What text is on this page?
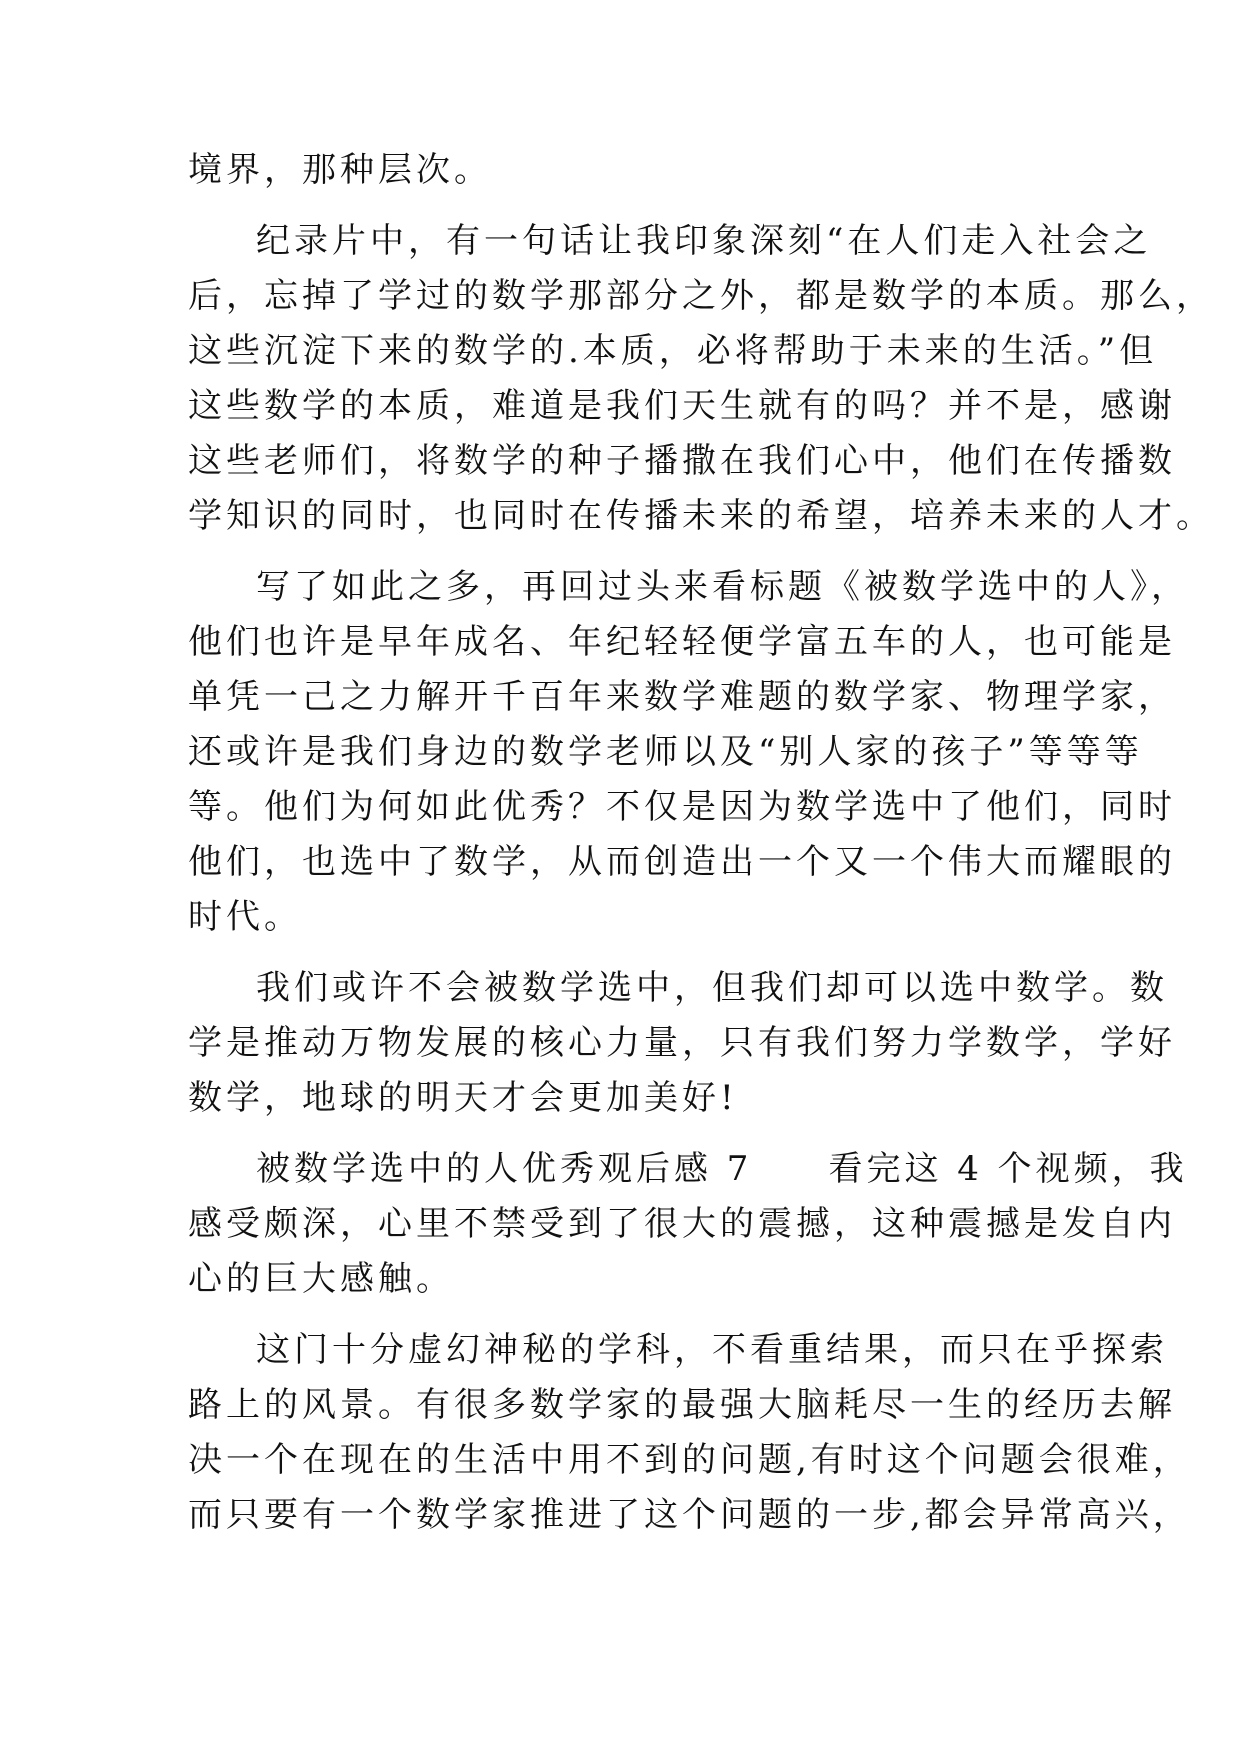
境界，那种层次。
纪录片中，有一句话让我印象深刻“在人们走入社会之
后，忘掉了学过的数学那部分之外，都是数学的本质。那么，
这些沉淀下来的数学的.本质，必将帮助于未来的生活。”但
这些数学的本质，难道是我们天生就有的吗？并不是，感谢
这些老师们，将数学的种子播撒在我们心中，他们在传播数
学知识的同时，也同时在传播未来的希望，培养未来的人才。
写了如此之多，再回过头来看标题《被数学选中的人》，
他们也许是早年成名、年纪轻轻便学富五车的人，也可能是
单凭一己之力解开千百年来数学难题的数学家、物理学家，
还或许是我们身边的数学老师以及“别人家的孩子”等等等
等。他们为何如此优秀？不仅是因为数学选中了他们，同时
他们，也选中了数学，从而创造出一个又一个伟大而耀眼的
时代。
我们或许不会被数学选中，但我们却可以选中数学。数
学是推动万物发展的核心力量，只有我们努力学数学，学好
数学，地球的明天才会更加美好!
被数学选中的人优秀观后感 7　　看完这 4 个视频，我
感受颇深，心里不禁受到了很大的震撼，这种震撼是发自内
心的巨大感触。
这门十分虚幻神秘的学科，不看重结果，而只在乎探索
路上的风景。有很多数学家的最强大脑耗尽一生的经历去解
决一个在现在的生活中用不到的问题,有时这个问题会很难，
而只要有一个数学家推进了这个问题的一步,都会异常高兴，
